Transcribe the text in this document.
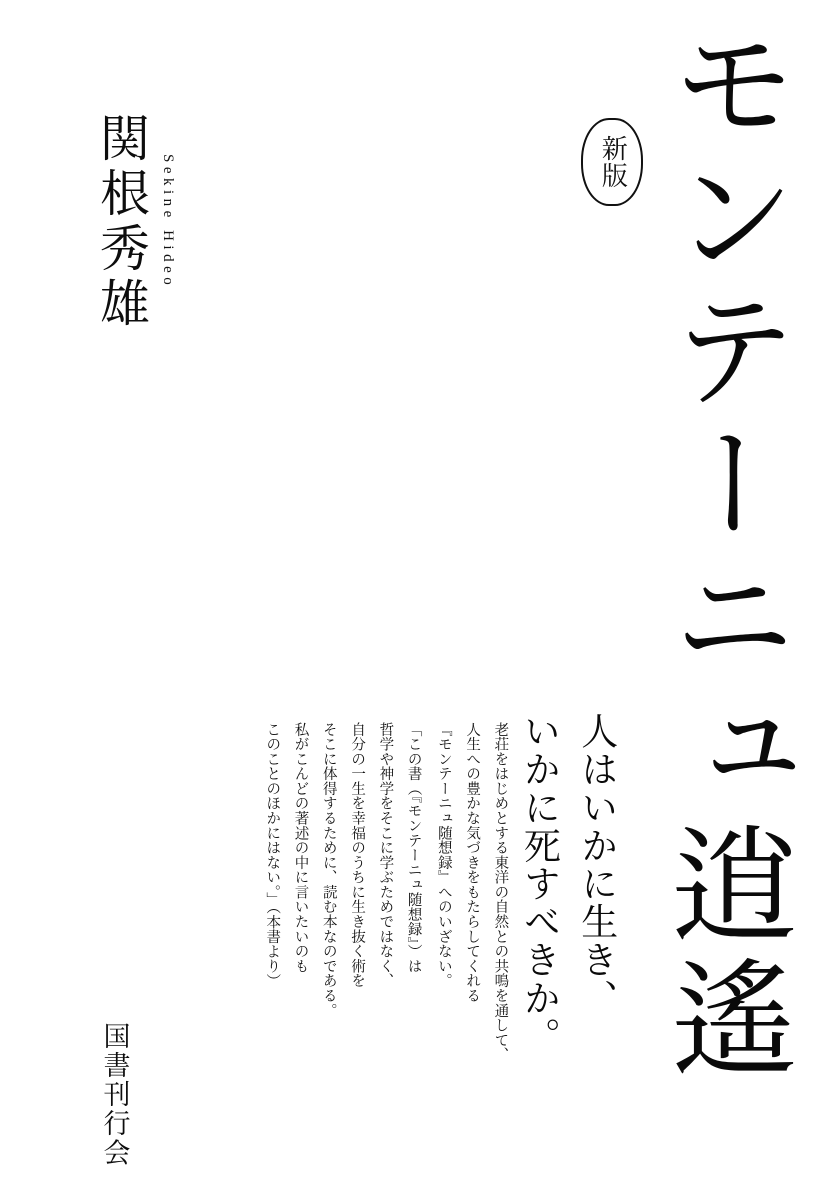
モンテーニュ逍遙
新版
関根秀雄 Sekine Hideo
人はいかに生き、
いかに死すべきか。

老荘をはじめとする東洋の自然との共鳴を通して、
人生への豊かな気づきをもたらしてくれる
『モンテーニュ随想録』へのいざない。

「この書（『モンテーニュ随想録』）は
哲学や神学をそこに学ぶためではなく、
自分の一生を幸福のうちに生き抜く術を
そこに体得するために、読む本なのである。
私がこんどの著述の中に言いたいのも
このことのほかにはない。」（本書より）

国書刊行会
